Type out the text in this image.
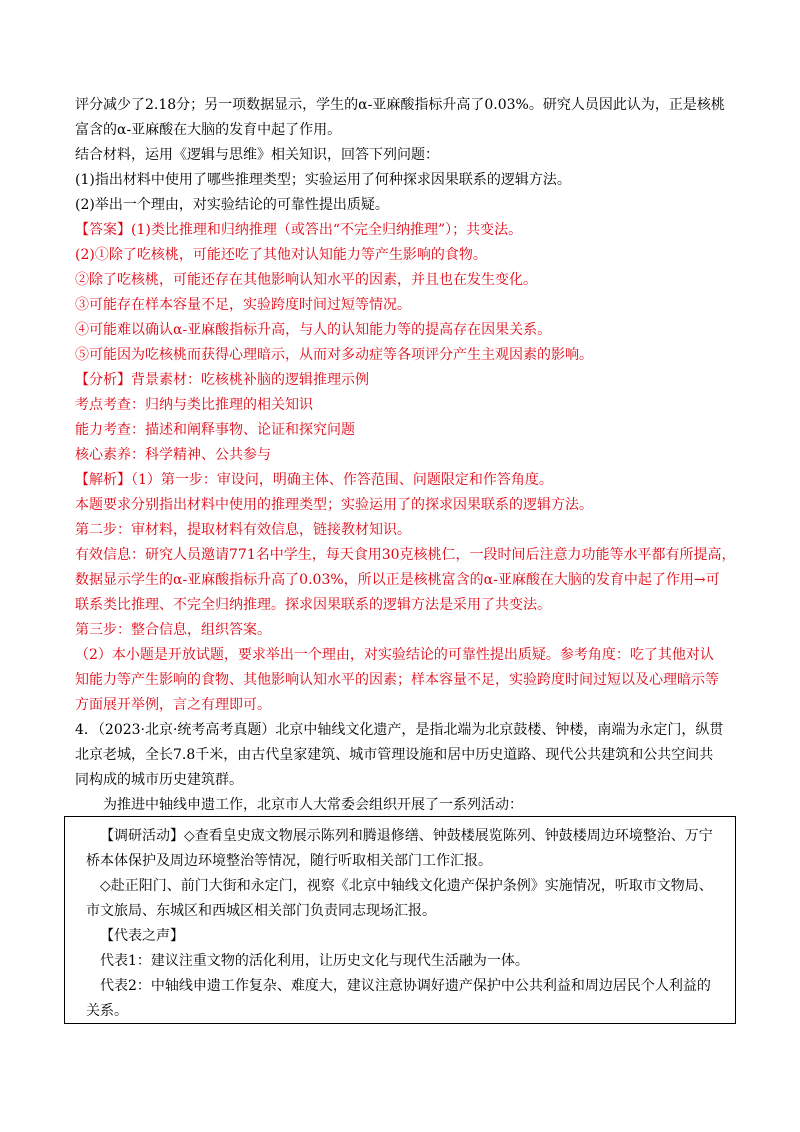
评分减少了2.18分；另一项数据显示，学生的α-亚麻酸指标升高了0.03%。研究人员因此认为，正是核桃
富含的α-亚麻酸在大脑的发育中起了作用。
结合材料，运用《逻辑与思维》相关知识，回答下列问题：
(1)指出材料中使用了哪些推理类型；实验运用了何种探求因果联系的逻辑方法。
(2)举出一个理由，对实验结论的可靠性提出质疑。
【答案】(1)类比推理和归纳推理（或答出“不完全归纳推理”）；共变法。
(2)①除了吃核桃，可能还吃了其他对认知能力等产生影响的食物。
②除了吃核桃，可能还存在其他影响认知水平的因素，并且也在发生变化。
③可能存在样本容量不足，实验跨度时间过短等情况。
④可能难以确认α-亚麻酸指标升高，与人的认知能力等的提高存在因果关系。
⑤可能因为吃核桃而获得心理暗示，从而对多动症等各项评分产生主观因素的影响。
【分析】背景素材：吃核桃补脑的逻辑推理示例
考点考查：归纳与类比推理的相关知识
能力考查：描述和阐释事物、论证和探究问题
核心素养：科学精神、公共参与
【解析】（1）第一步：审设问，明确主体、作答范围、问题限定和作答角度。
本题要求分别指出材料中使用的推理类型；实验运用了的探求因果联系的逻辑方法。
第二步：审材料，提取材料有效信息，链接教材知识。
有效信息：研究人员邀请771名中学生，每天食用30克核桃仁，一段时间后注意力功能等水平都有所提高，
数据显示学生的α-亚麻酸指标升高了0.03%，所以正是核桃富含的α-亚麻酸在大脑的发育中起了作用→可
联系类比推理、不完全归纳推理。探求因果联系的逻辑方法是采用了共变法。
第三步：整合信息，组织答案。
（2）本小题是开放试题，要求举出一个理由，对实验结论的可靠性提出质疑。参考角度：吃了其他对认
知能力等产生影响的食物、其他影响认知水平的因素；样本容量不足，实验跨度时间过短以及心理暗示等
方面展开举例，言之有理即可。
4．（2023·北京·统考高考真题）北京中轴线文化遗产，是指北端为北京鼓楼、钟楼，南端为永定门，纵贯
北京老城，全长7.8千米，由古代皇家建筑、城市管理设施和居中历史道路、现代公共建筑和公共空间共
同构成的城市历史建筑群。
为推进中轴线申遗工作，北京市人大常委会组织开展了一系列活动：
【调研活动】◇查看皇史宬文物展示陈列和腾退修缮、钟鼓楼展览陈列、钟鼓楼周边环境整治、万宁
桥本体保护及周边环境整治等情况，随行听取相关部门工作汇报。
◇赴正阳门、前门大街和永定门，视察《北京中轴线文化遗产保护条例》实施情况，听取市文物局、
市文旅局、东城区和西城区相关部门负责同志现场汇报。
【代表之声】
代表1：建议注重文物的活化利用，让历史文化与现代生活融为一体。
代表2：中轴线申遗工作复杂、难度大，建议注意协调好遗产保护中公共利益和周边居民个人利益的
关系。
